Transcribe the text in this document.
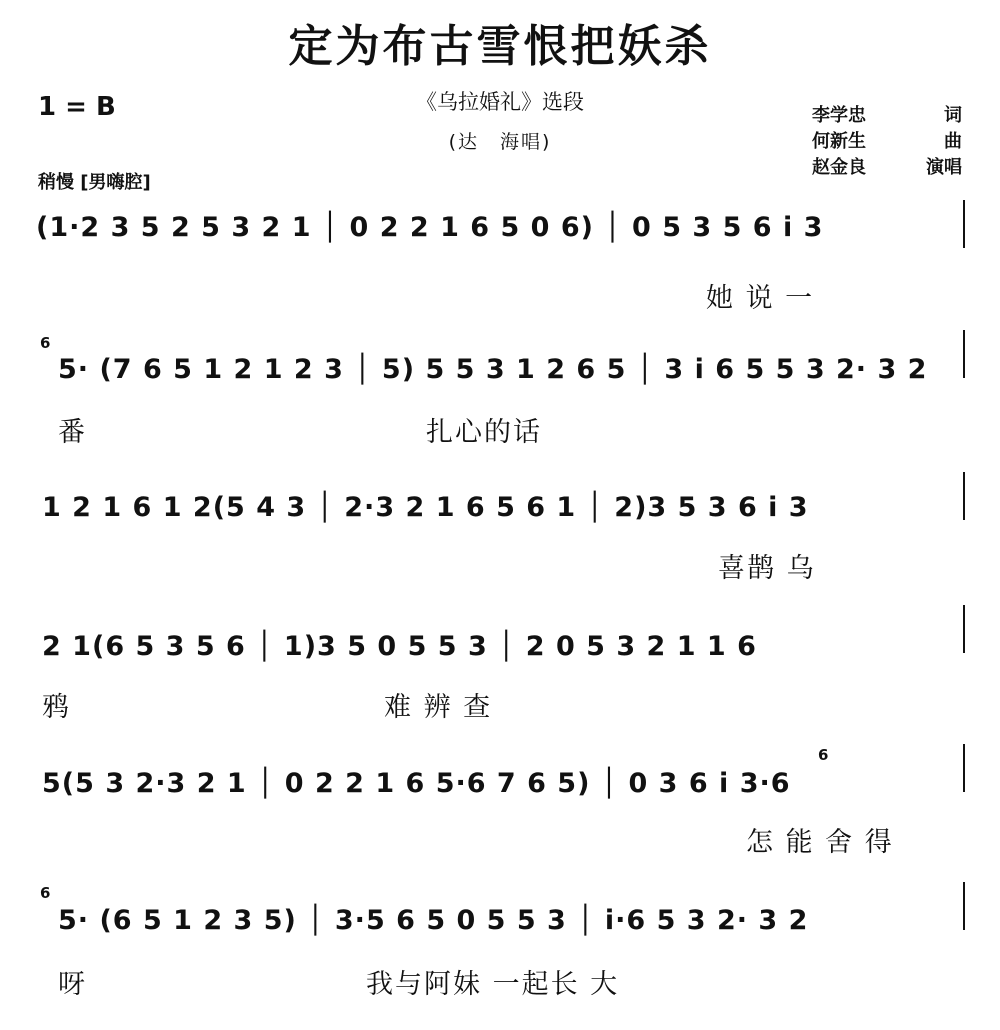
定为布古雪恨把妖杀
《乌拉婚礼》选段
(达　海唱)
1 = B
稍慢 [男嗨腔]
李学忠	词
何新生	曲
赵金良	演唱
(1·2 3 5 2 5 3 2 1 │ 0 2 2 1 6 5 0 6) │ 0 5 3 5 6 i 3
她 说 一
6
5· (7 6 5 1 2 1 2 3 │ 5) 5 5 3 1 2 6 5 │ 3 i 6 5 5 3 2· 3 2
番	扎心的话
1 2 1 6 1 2(5 4 3 │ 2·3 2 1 6 5 6 1 │ 2)3 5 3 6 i 3
喜鹊 乌
2 1(6 5 3 5 6 │ 1)3 5 0 5 5 3 │ 2 0 5 3 2 1 1 6
鸦	难 辨 查
6
5(5 3 2·3 2 1 │ 0 2 2 1 6 5·6 7 6 5) │ 0 3 6 i 3·6
怎 能 舍 得
6
5· (6 5 1 2 3 5) │ 3·5 6 5 0 5 5 3 │ i·6 5 3 2· 3 2
呀	我与阿妹 一起长 大
